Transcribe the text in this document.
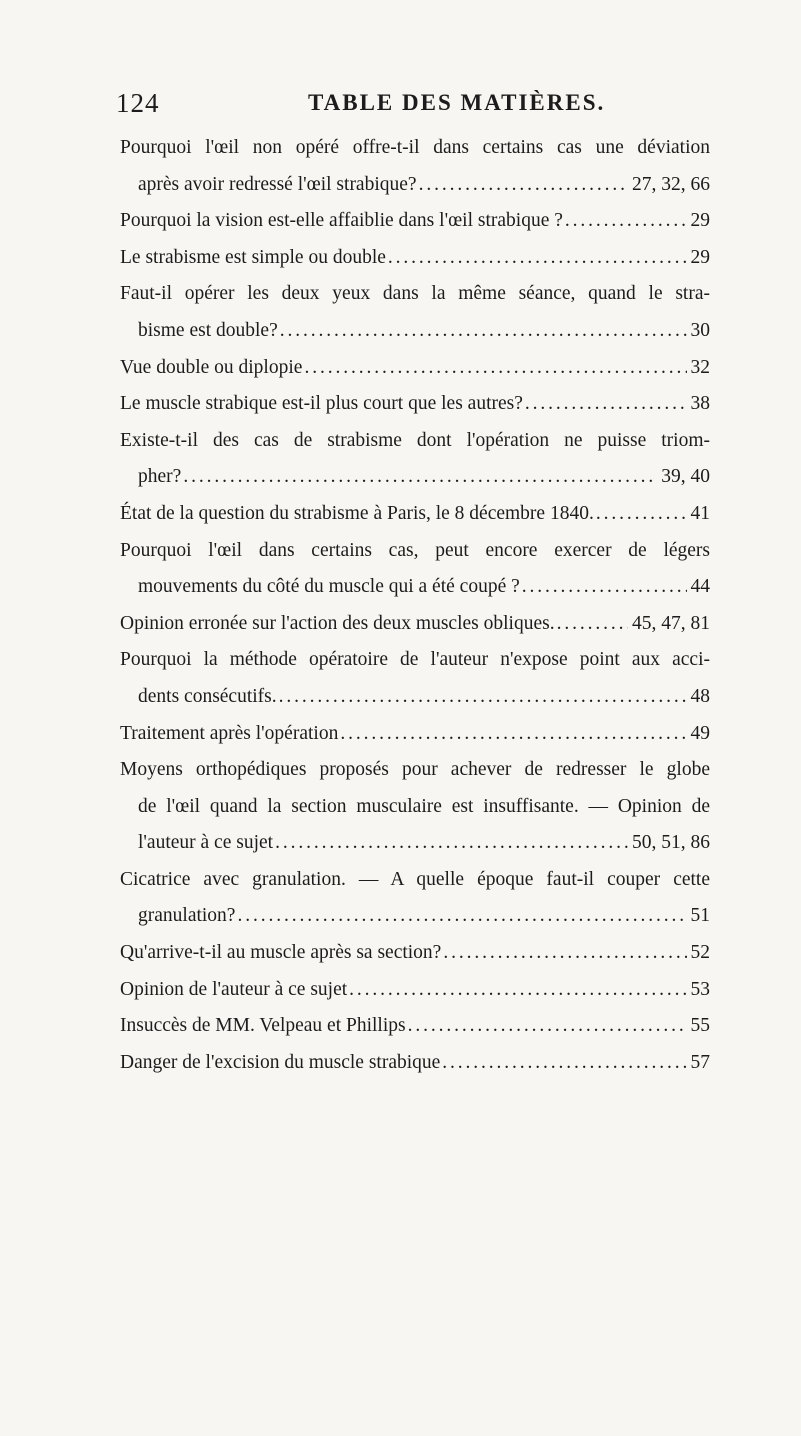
124	TABLE DES MATIÈRES.
Pourquoi l'œil non opéré offre-t-il dans certains cas une déviation
après avoir redressé l'œil strabique? . . .	27, 32, 66
Pourquoi la vision est-elle affaiblie dans l'œil strabique ? . . .	29
Le strabisme est simple ou double . . .	29
Faut-il opérer les deux yeux dans la même séance, quand le stra-
bisme est double? . . .	30
Vue double ou diplopie . . .	32
Le muscle strabique est-il plus court que les autres? . . .	38
Existe-t-il des cas de strabisme dont l'opération ne puisse triom-
pher? . . .	39, 40
État de la question du strabisme à Paris, le 8 décembre 1840. . . .	41
Pourquoi l'œil dans certains cas, peut encore exercer de légers
mouvements du côté du muscle qui a été coupé ? . . .	44
Opinion erronée sur l'action des deux muscles obliques. . . .	45, 47, 81
Pourquoi la méthode opératoire de l'auteur n'expose point aux acci-
dents consécutifs. . . .	48
Traitement après l'opération . . .	49
Moyens orthopédiques proposés pour achever de redresser le globe
de l'œil quand la section musculaire est insuffisante. — Opinion de
l'auteur à ce sujet . . .	50, 51, 86
Cicatrice avec granulation. — A quelle époque faut-il couper cette
granulation? . . .	51
Qu'arrive-t-il au muscle après sa section? . . .	52
Opinion de l'auteur à ce sujet . . .	53
Insuccès de MM. Velpeau et Phillips . . .	55
Danger de l'excision du muscle strabique . . .	57
